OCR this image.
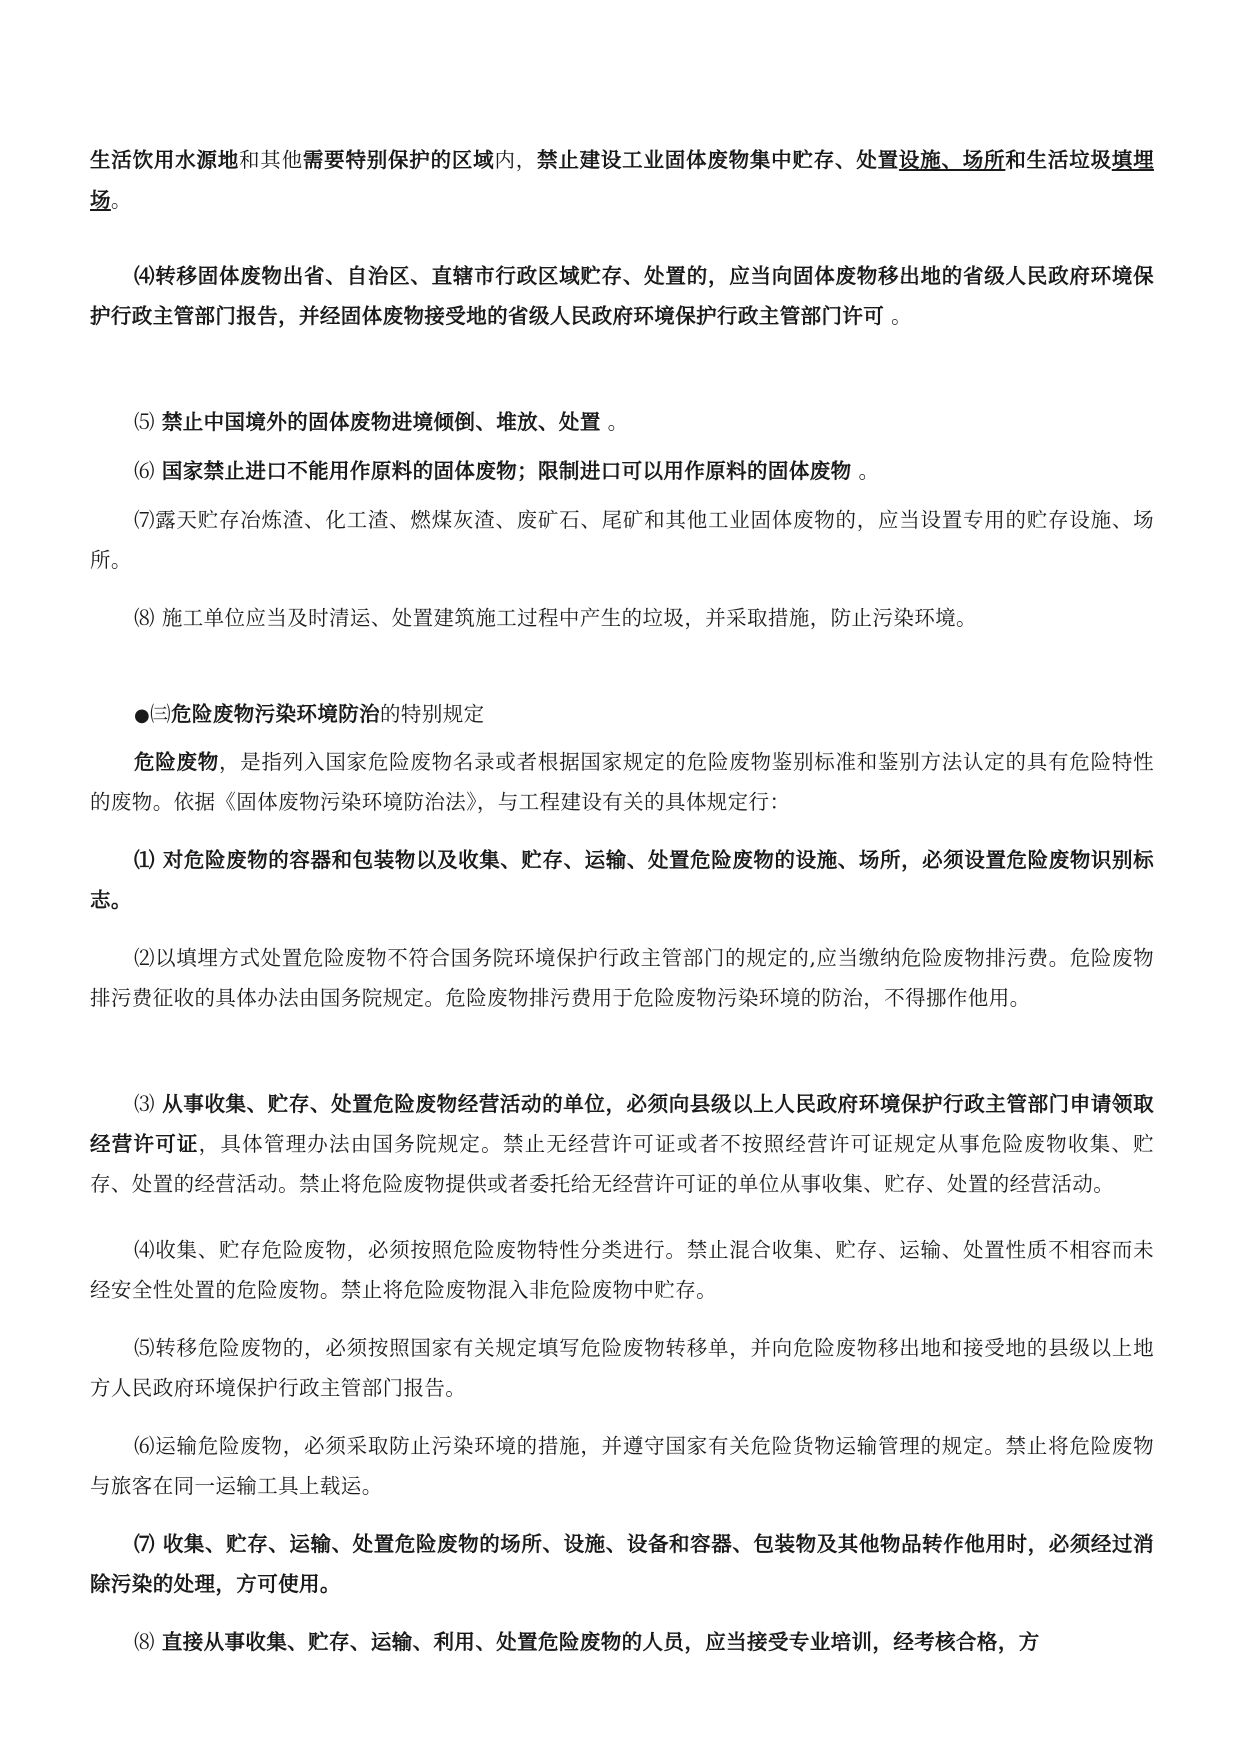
生活饮用水源地和其他需要特别保护的区域内，禁止建设工业固体废物集中贮存、处置设施、场所和生活垃圾填埋场。

⑷转移固体废物出省、自治区、直辖市行政区域贮存、处置的，应当向固体废物移出地的省级人民政府环境保护行政主管部门报告，并经固体废物接受地的省级人民政府环境保护行政主管部门许可 。

⑸ 禁止中国境外的固体废物进境倾倒、堆放、处置 。

⑹ 国家禁止进口不能用作原料的固体废物；限制进口可以用作原料的固体废物 。

⑺露天贮存冶炼渣、化工渣、燃煤灰渣、废矿石、尾矿和其他工业固体废物的，应当设置专用的贮存设施、场所。

⑻ 施工单位应当及时清运、处置建筑施工过程中产生的垃圾，并采取措施，防止污染环境。

●㈢危险废物污染环境防治的特别规定

危险废物，是指列入国家危险废物名录或者根据国家规定的危险废物鉴别标准和鉴别方法认定的具有危险特性的废物。依据《固体废物污染环境防治法》，与工程建设有关的具体规定行：

⑴ 对危险废物的容器和包装物以及收集、贮存、运输、处置危险废物的设施、场所，必须设置危险废物识别标志。

⑵以填埋方式处置危险废物不符合国务院环境保护行政主管部门的规定的,应当缴纳危险废物排污费。危险废物排污费征收的具体办法由国务院规定。危险废物排污费用于危险废物污染环境的防治，不得挪作他用。

⑶ 从事收集、贮存、处置危险废物经营活动的单位，必须向县级以上人民政府环境保护行政主管部门申请领取经营许可证，具体管理办法由国务院规定。禁止无经营许可证或者不按照经营许可证规定从事危险废物收集、贮存、处置的经营活动。禁止将危险废物提供或者委托给无经营许可证的单位从事收集、贮存、处置的经营活动。

⑷收集、贮存危险废物，必须按照危险废物特性分类进行。禁止混合收集、贮存、运输、处置性质不相容而未经安全性处置的危险废物。禁止将危险废物混入非危险废物中贮存。

⑸转移危险废物的，必须按照国家有关规定填写危险废物转移单，并向危险废物移出地和接受地的县级以上地方人民政府环境保护行政主管部门报告。

⑹运输危险废物，必须采取防止污染环境的措施，并遵守国家有关危险货物运输管理的规定。禁止将危险废物与旅客在同一运输工具上载运。

⑺ 收集、贮存、运输、处置危险废物的场所、设施、设备和容器、包装物及其他物品转作他用时，必须经过消除污染的处理，方可使用。

⑻ 直接从事收集、贮存、运输、利用、处置危险废物的人员，应当接受专业培训，经考核合格，方
